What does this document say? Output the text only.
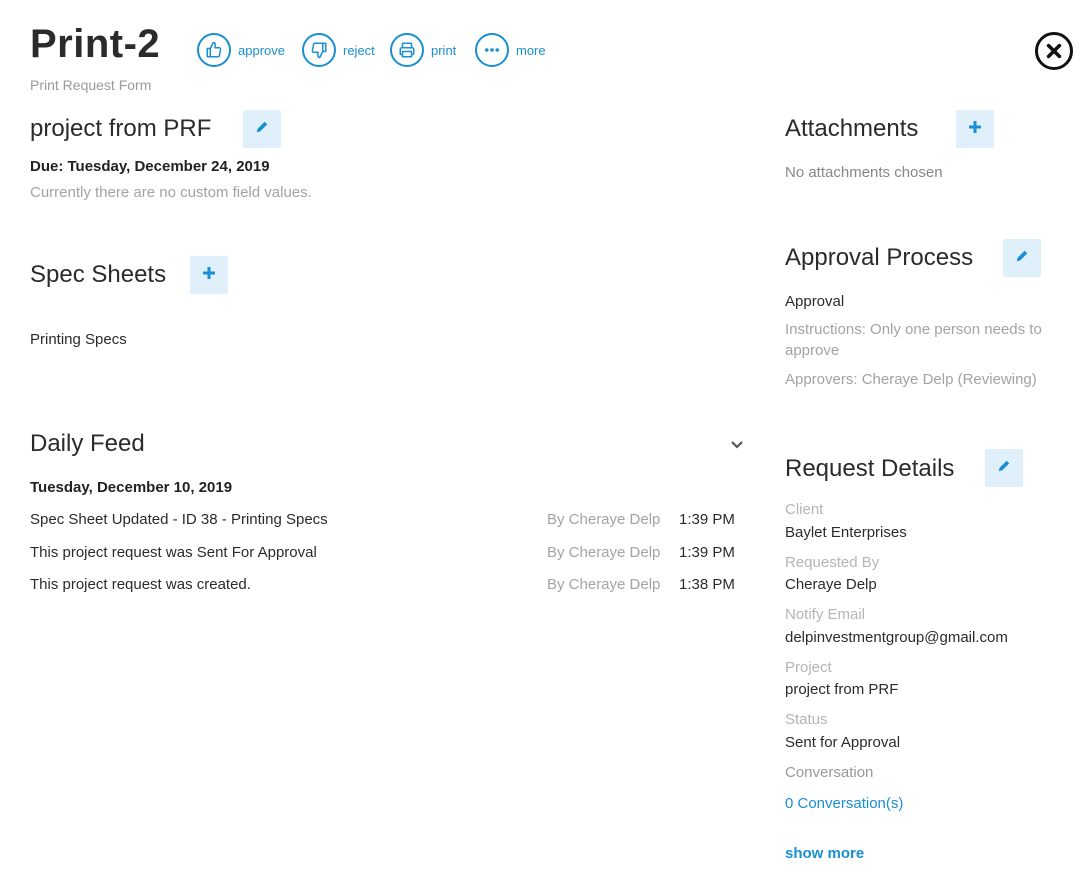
Print-2
Print Request Form
approve	reject	print	more
project from PRF
Due: Tuesday, December 24, 2019
Currently there are no custom field values.
Spec Sheets
Printing Specs
Daily Feed
Tuesday, December 10, 2019
Spec Sheet Updated - ID 38 - Printing Specs	By Cheraye Delp 1:39 PM
This project request was Sent For Approval	By Cheraye Delp 1:39 PM
This project request was created.	By Cheraye Delp 1:38 PM
Attachments
No attachments chosen
Approval Process
Approval
Instructions: Only one person needs to approve
Approvers: Cheraye Delp (Reviewing)
Request Details
Client
Baylet Enterprises
Requested By
Cheraye Delp
Notify Email
delpinvestmentgroup@gmail.com
Project
project from PRF
Status
Sent for Approval
Conversation
0 Conversation(s)
show more
